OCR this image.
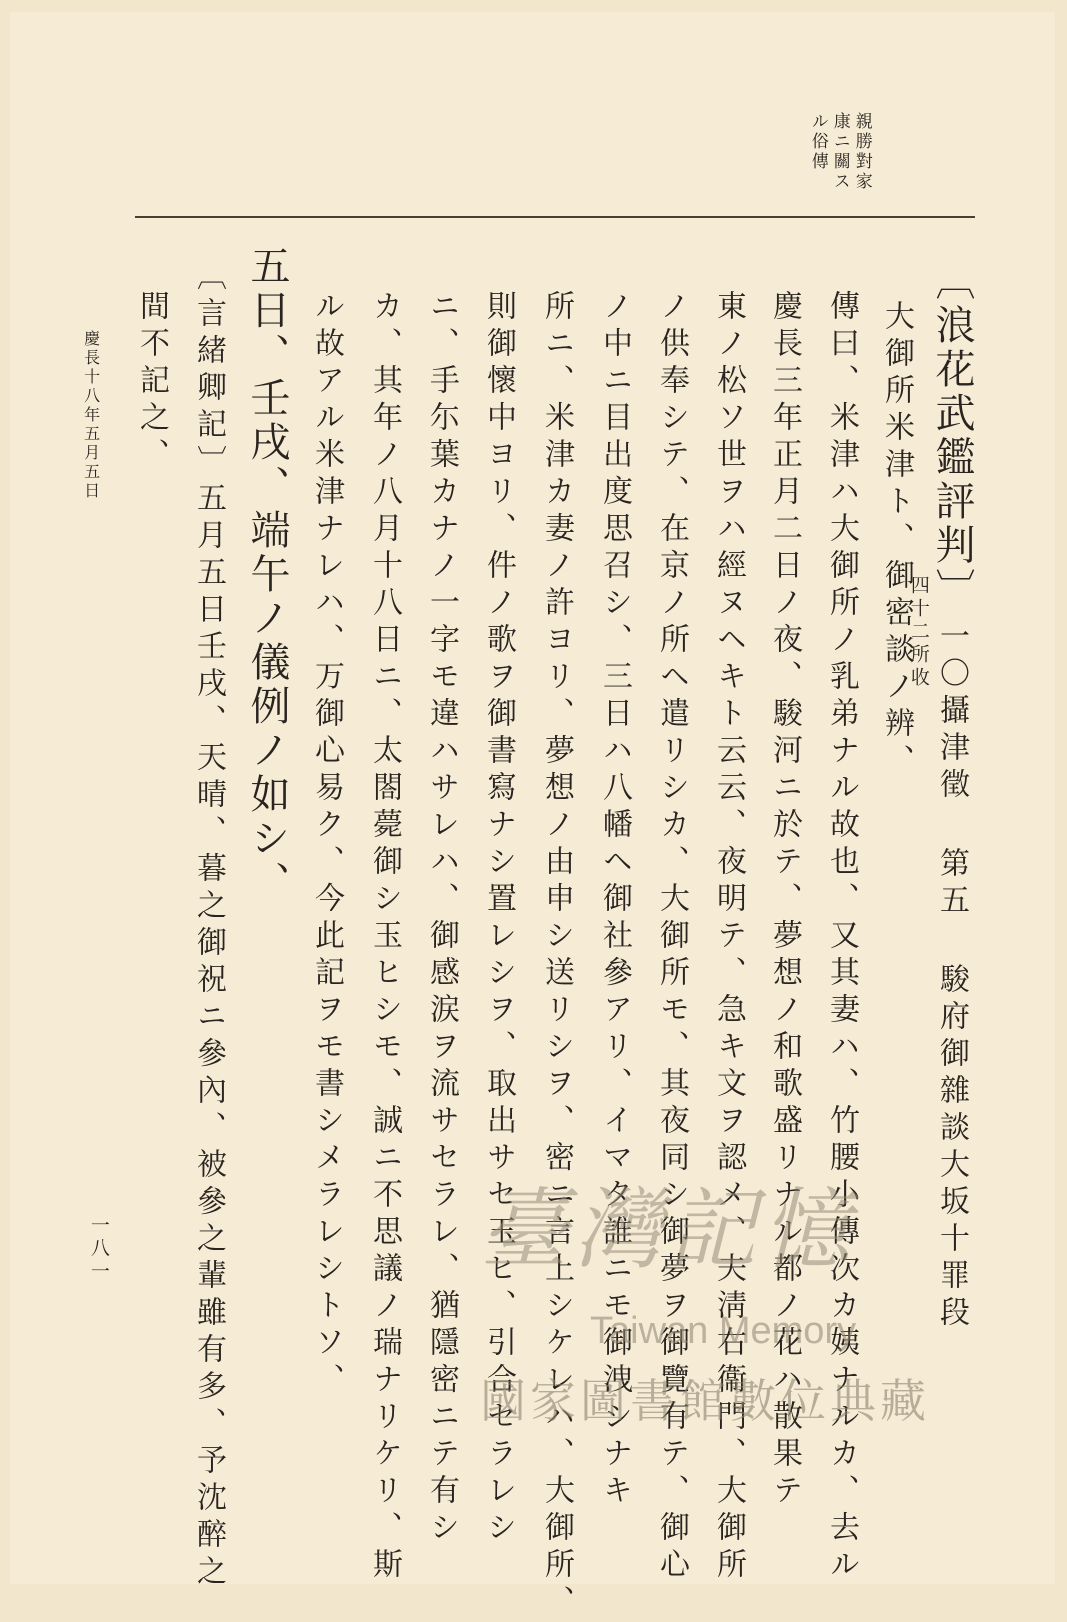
親勝對家
康ニ關ス
ル俗傳
〔浪花武鑑評判〕
一〇攝津徵 第五 駿府御雜談大坂十罪段
四十二所收
大御所米津ト、御密談ノ辨、
傳曰、米津ハ大御所ノ乳弟ナル故也、又其妻ハ、竹腰小傳次カ姨ナルカ、去ル
慶長三年正月二日ノ夜、駿河ニ於テ、夢想ノ和歌盛リナル都ノ花ハ散果テ
東ノ松ソ世ヲハ經ヌヘキト云云、夜明テ、急キ文ヲ認メ、夫淸右衞門、大御所
ノ供奉シテ、在京ノ所ヘ遣リシカ、大御所モ、其夜同シ御夢ヲ御覽有テ、御心
ノ中ニ目出度思召シ、三日ハ八幡ヘ御社參アリ、イマタ誰ニモ御洩シナキ
所ニ、米津カ妻ノ許ヨリ、夢想ノ由申シ送リシヲ、密ニ言上シケレハ、大御所、
則御懷中ヨリ、件ノ歌ヲ御書寫ナシ置レシヲ、取出サセ玉ヒ、引合セラレシ
ニ、手尓葉カナノ一字モ違ハサレハ、御感涙ヲ流サセラレ、猶隱密ニテ有シ
カ、其年ノ八月十八日ニ、太閤薨御シ玉ヒシモ、誠ニ不思議ノ瑞ナリケリ、斯
ル故アル米津ナレハ、万御心易ク、今此記ヲモ書シメラレシトソ、
五日、壬戌、端午ノ儀例ノ如シ、
〔言緒卿記〕五月五日壬戌、天晴、暮之御祝ニ參內、被參之輩雖有多、予沈醉之
間不記之、
慶長十八年五月五日
一八一	臺灣記憶
Taiwan Memory
國家圖書館數位典藏
